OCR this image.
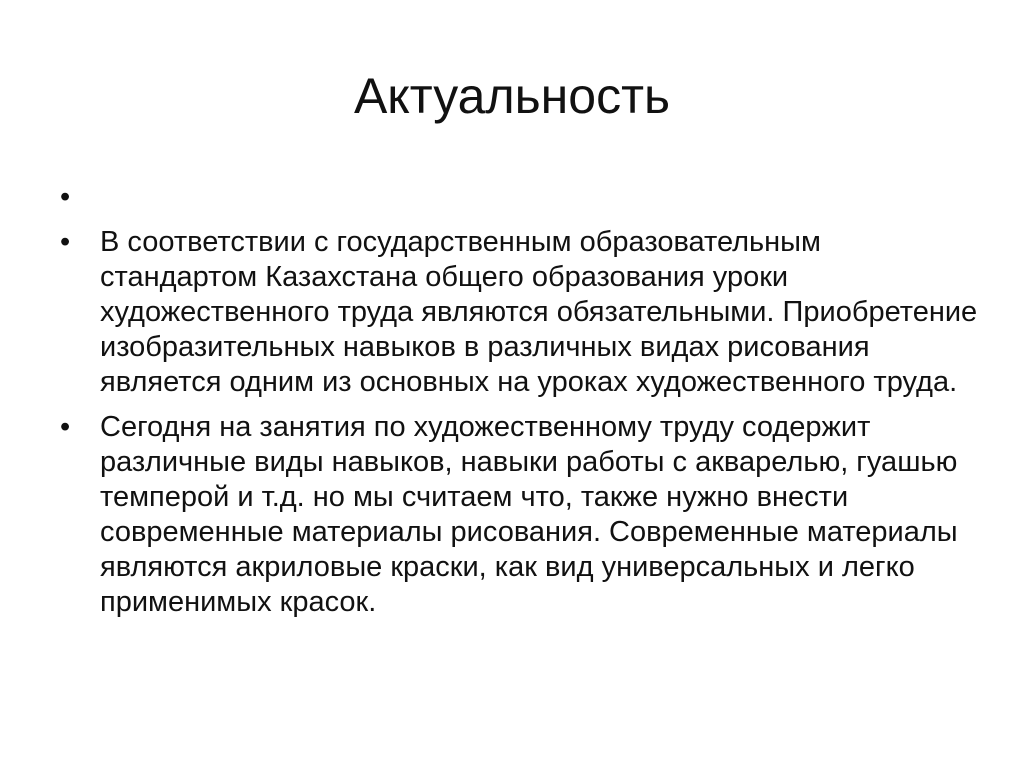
Актуальность
•
• В соответствии с государственным образовательным стандартом Казахстана общего образования уроки художественного труда являются обязательными. Приобретение изобразительных навыков в различных видах рисования является одним из основных на уроках художественного труда.
• Сегодня на занятия по художественному труду содержит различные виды навыков, навыки работы с акварелью, гуашью темперой и т.д. но мы считаем что, также нужно внести современные материалы рисования. Современные материалы являются акриловые краски, как вид универсальных и легко применимых красок.
